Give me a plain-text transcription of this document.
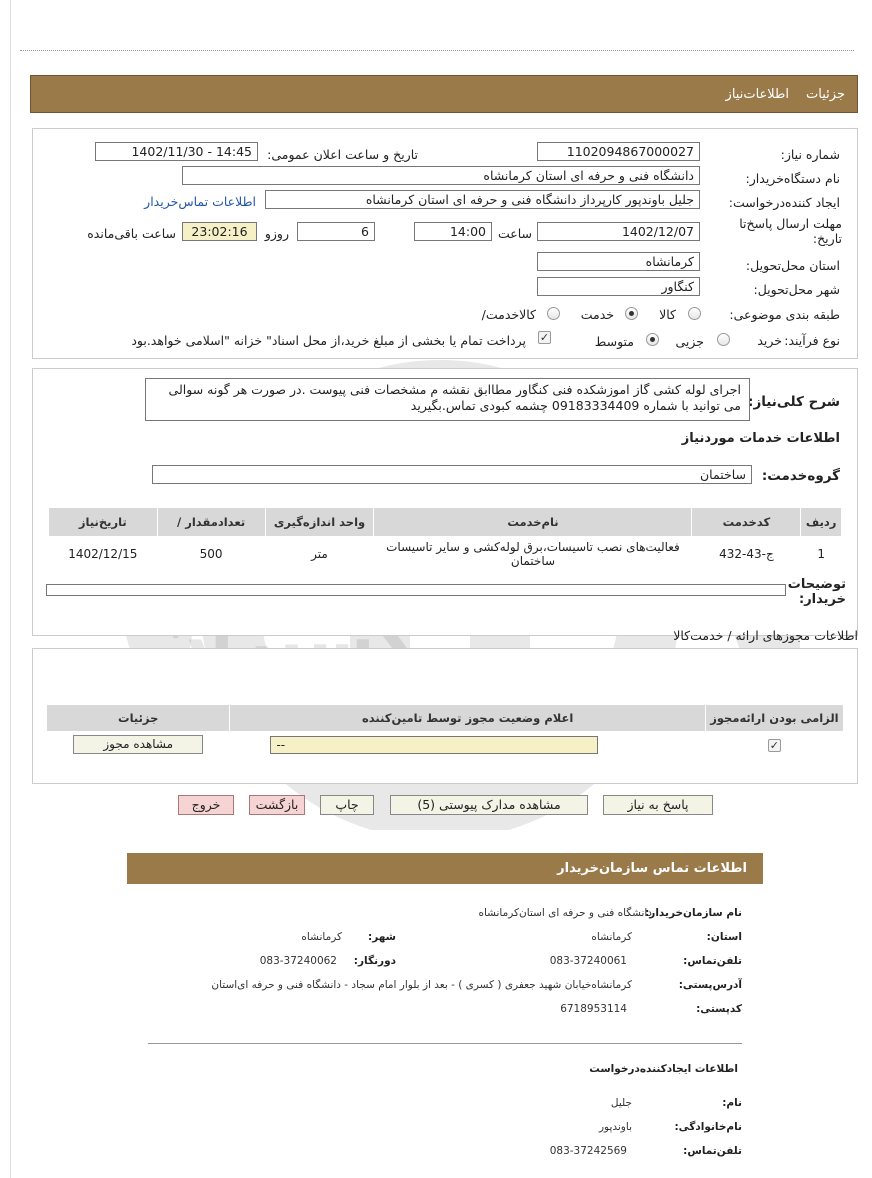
گستران
جزئیات
اطلاعات‌نیاز
شماره نیاز:
1102094867000027
تاریخ و ساعت اعلان عمومی:
1402/11/30 - 14:45
نام دستگاه‌خریدار:
دانشگاه فنی و حرفه ای استان کرمانشاه
ایجاد کننده‌درخواست:
جلیل باوندپور کارپرداز دانشگاه فنی و حرفه ای استان کرمانشاه
اطلاعات تماس‌خریدار
مهلت ارسال پاسخ‌تا تاریخ:
1402/12/07
ساعت
14:00
6
روزو
23:02:16
ساعت باقی‌مانده
استان محل‌تحویل:
کرمانشاه
شهر محل‌تحویل:
کنگاور
طبقه بندی موضوعی:
کالا
خدمت
کالا‌خدمت/
نوع فرآیند:
خرید
جزیی
متوسط
✓
پرداخت تمام یا بخشی از مبلغ خرید،از محل اسناد" خزانه "اسلامی خواهد.بود
شرح کلی‌نیاز:
اجرای لوله کشی گاز اموزشکده فنی کنگاور مطاابق نقشه م مشخصات فنی پیوست .در صورت هر گونه سوالی می توانید با شماره 09183334409 چشمه کبودی تماس.بگیرید
اطلاعات خدمات موردنیاز
گروه‌خدمت:
ساختمان
ردیف	کدخدمت	نام‌خدمت	واحد اندازه‌گیری	تعداد‌مقدار /	تاریخ‌نیاز
1	ج-43-432	فعالیت‌های نصب تاسیسات،برق لوله‌کشی و سایر تاسیسات ساختمان	متر	500	1402/12/15
توضیحات خریدار:
اطلاعات مجوزهای ارائه / خدمت‌کالا
الزامی بودن ارائه‌مجوز	اعلام وضعیت مجوز توسط تامین‌کننده	جزئیات
✓	--	مشاهده مجوز
پاسخ به نیاز
مشاهده مدارک پیوستی (5)
چاپ
بازگشت
خروج
اطلاعات تماس سازمان‌خریدار
نام سازمان‌خریدار:
دانشگاه فنی و حرفه ای استان‌کرمانشاه
استان:
کرمانشاه
شهر:
کرمانشاه
تلفن‌تماس:
083-37240061
دورنگار:
083-37240062
آدرس‌پستی:
کرمانشاه‌خیابان شهید جعفری ( کسری ) - بعد از بلوار امام سجاد - دانشگاه فنی و حرفه ای‌استان
کد‌پستی:
6718953114
اطلاعات ایجادکننده‌درخواست
نام:
جلیل
نام‌خانوادگی:
باوندپور
تلفن‌تماس:
083-37242569
